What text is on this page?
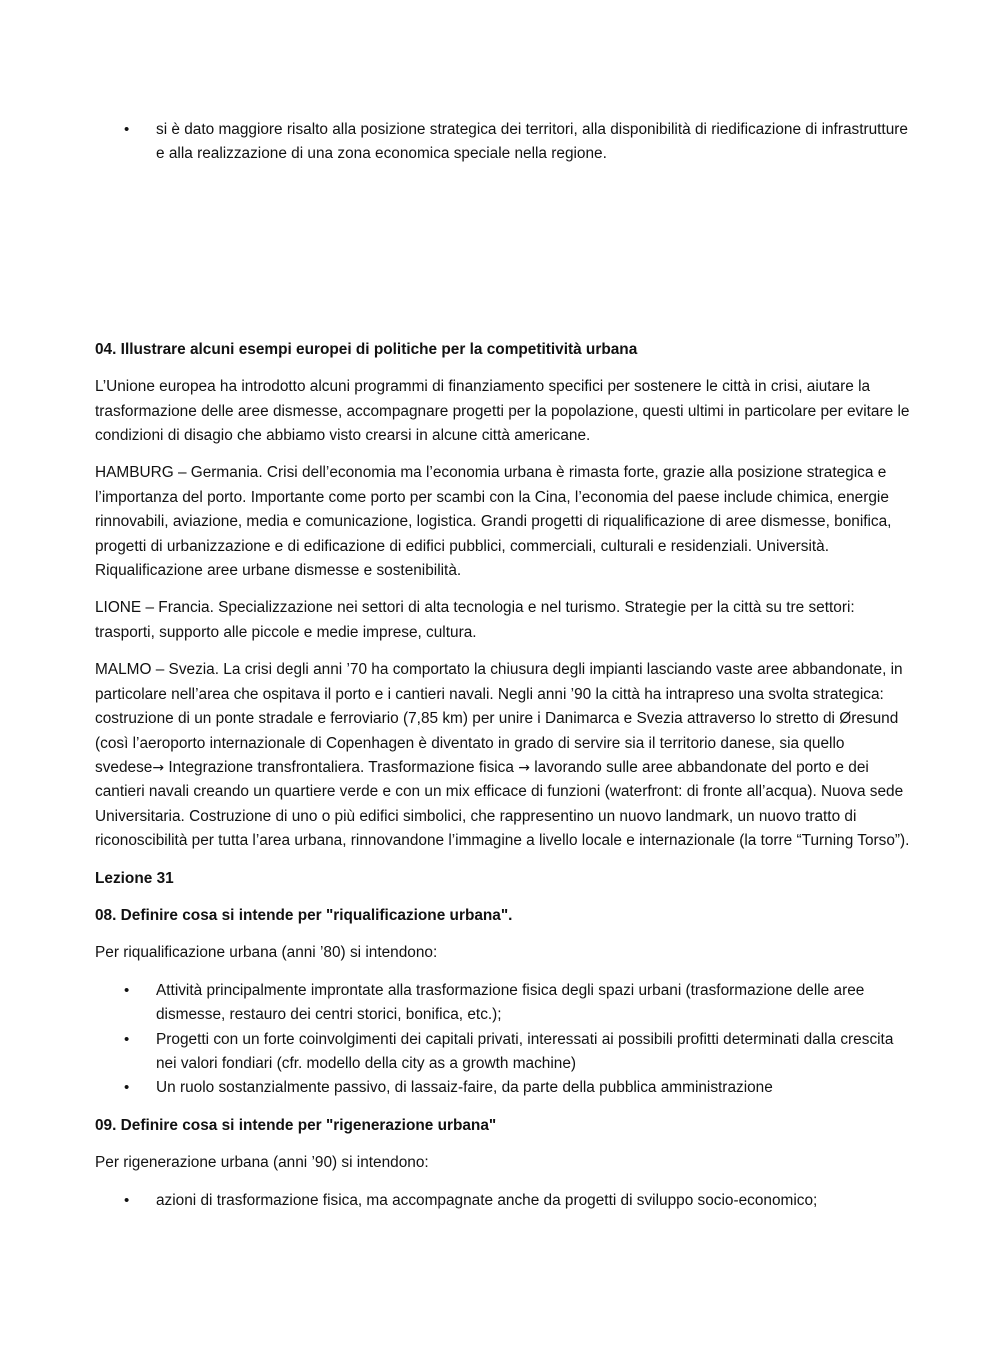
• si è dato maggiore risalto alla posizione strategica dei territori, alla disponibilità di riedificazione di infrastrutture e alla realizzazione di una zona economica speciale nella regione.

04. Illustrare alcuni esempi europei di politiche per la competitività urbana

L’Unione europea ha introdotto alcuni programmi di finanziamento specifici per sostenere le città in crisi, aiutare la trasformazione delle aree dismesse, accompagnare progetti per la popolazione, questi ultimi in particolare per evitare le condizioni di disagio che abbiamo visto crearsi in alcune città americane.

HAMBURG – Germania. Crisi dell’economia ma l’economia urbana è rimasta forte, grazie alla posizione strategica e l’importanza del porto. Importante come porto per scambi con la Cina, l’economia del paese include chimica, energie rinnovabili, aviazione, media e comunicazione, logistica. Grandi progetti di riqualificazione di aree dismesse, bonifica, progetti di urbanizzazione e di edificazione di edifici pubblici, commerciali, culturali e residenziali. Università. Riqualificazione aree urbane dismesse e sostenibilità.

LIONE – Francia. Specializzazione nei settori di alta tecnologia e nel turismo. Strategie per la città su tre settori: trasporti, supporto alle piccole e medie imprese, cultura.

MALMO – Svezia. La crisi degli anni ’70 ha comportato la chiusura degli impianti lasciando vaste aree abbandonate, in particolare nell’area che ospitava il porto e i cantieri navali. Negli anni ’90 la città ha intrapreso una svolta strategica: costruzione di un ponte stradale e ferroviario (7,85 km) per unire i Danimarca e Svezia attraverso lo stretto di Øresund (così l’aeroporto internazionale di Copenhagen è diventato in grado di servire sia il territorio danese, sia quello svedese→ Integrazione transfrontaliera. Trasformazione fisica → lavorando sulle aree abbandonate del porto e dei cantieri navali creando un quartiere verde e con un mix efficace di funzioni (waterfront: di fronte all’acqua). Nuova sede Universitaria. Costruzione di uno o più edifici simbolici, che rappresentino un nuovo landmark, un nuovo tratto di riconoscibilità per tutta l’area urbana, rinnovandone l’immagine a livello locale e internazionale (la torre “Turning Torso”).

Lezione 31

08. Definire cosa si intende per "riqualificazione urbana".

Per riqualificazione urbana (anni ’80) si intendono:

• Attività principalmente improntate alla trasformazione fisica degli spazi urbani (trasformazione delle aree dismesse, restauro dei centri storici, bonifica, etc.);
• Progetti con un forte coinvolgimenti dei capitali privati, interessati ai possibili profitti determinati dalla crescita nei valori fondiari (cfr. modello della city as a growth machine)
• Un ruolo sostanzialmente passivo, di lassaiz-faire, da parte della pubblica amministrazione

09. Definire cosa si intende per "rigenerazione urbana"

Per rigenerazione urbana (anni ’90) si intendono:

• azioni di trasformazione fisica, ma accompagnate anche da progetti di sviluppo socio-economico;
